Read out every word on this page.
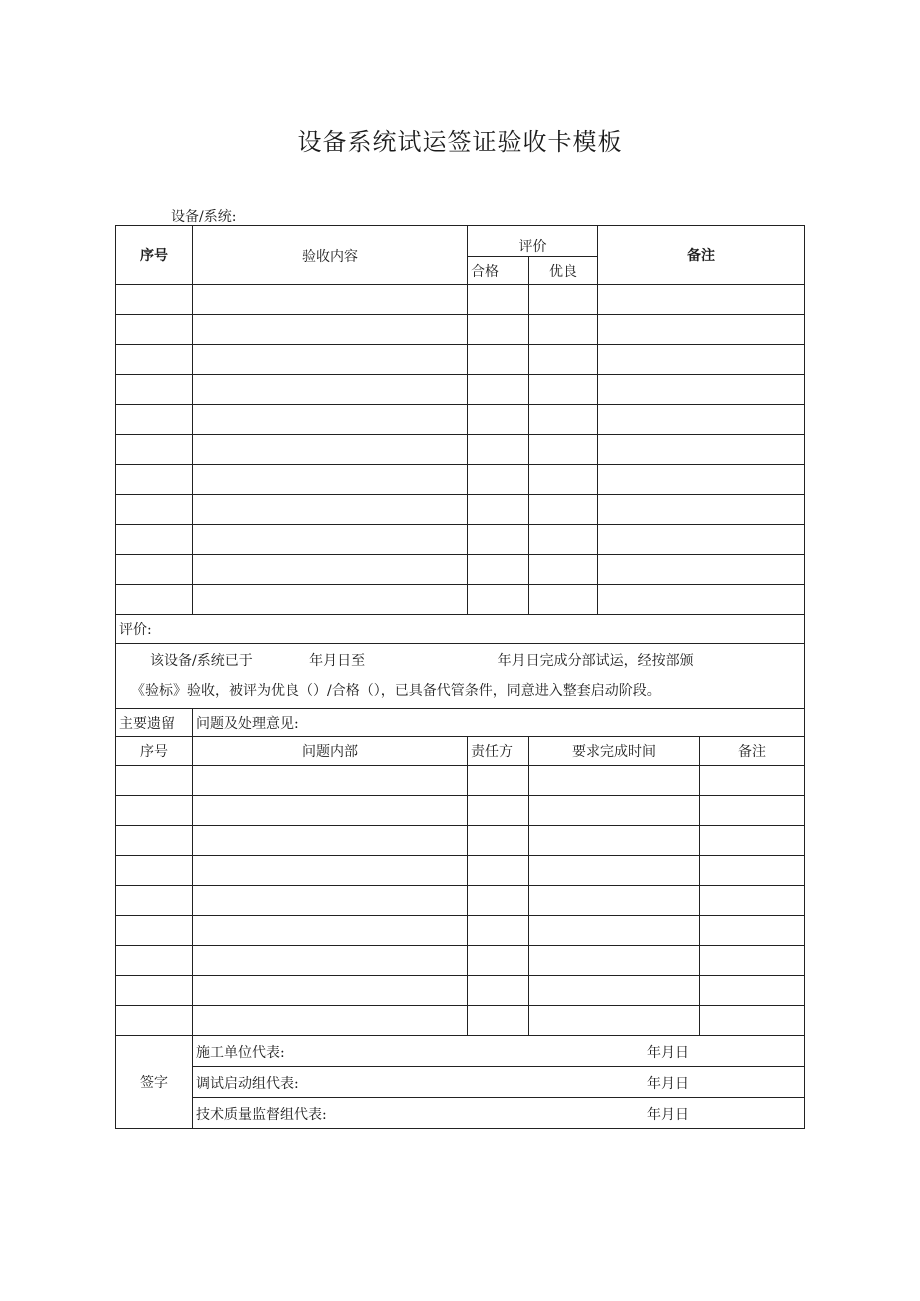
设备系统试运签证验收卡模板
设备/系统:
序号	验收内容	评价		备注	
		合格	优良		

评价:					

该设备/系统已于 年月日至 年月日完成分部试运，经按部颁
《验标》验收，被评为优良（）/合格（），已具备代管条件，同意进入整套启动阶段。					

主要遗留	问题及处理意见:				
序号	问题内部	责任方	要求完成时间		备注

签字	施工单位代表: 年月日				

	调试启动组代表: 年月日				

	技术质量监督组代表: 年月日				
